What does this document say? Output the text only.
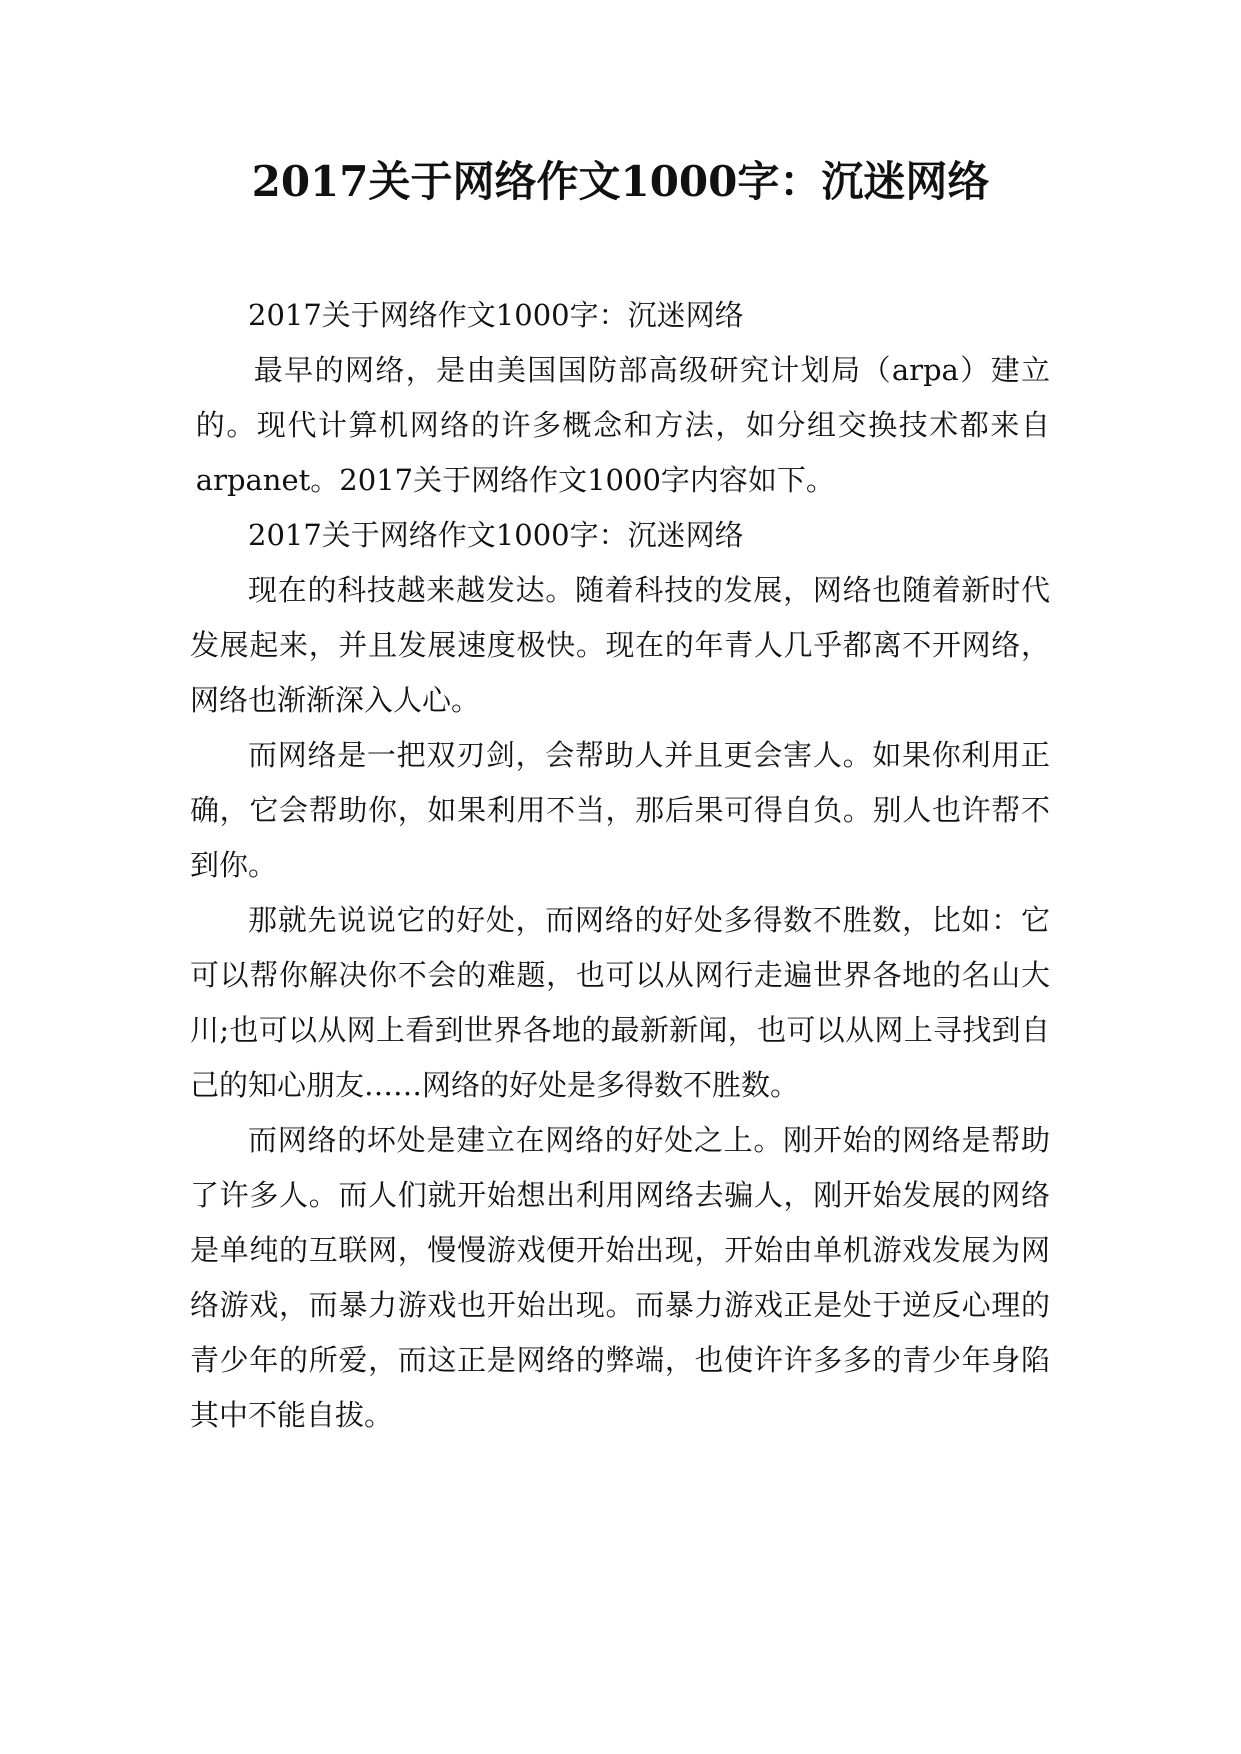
2017关于网络作文1000字：沉迷网络

2017关于网络作文1000字：沉迷网络

最早的网络，是由美国国防部高级研究计划局（arpa）建立的。现代计算机网络的许多概念和方法，如分组交换技术都来自arpanet。2017关于网络作文1000字内容如下。

2017关于网络作文1000字：沉迷网络

现在的科技越来越发达。随着科技的发展，网络也随着新时代发展起来，并且发展速度极快。现在的年青人几乎都离不开网络，网络也渐渐深入人心。

而网络是一把双刃剑，会帮助人并且更会害人。如果你利用正确，它会帮助你，如果利用不当，那后果可得自负。别人也许帮不到你。

那就先说说它的好处，而网络的好处多得数不胜数，比如：它可以帮你解决你不会的难题，也可以从网行走遍世界各地的名山大川;也可以从网上看到世界各地的最新新闻，也可以从网上寻找到自己的知心朋友……网络的好处是多得数不胜数。

而网络的坏处是建立在网络的好处之上。刚开始的网络是帮助了许多人。而人们就开始想出利用网络去骗人，刚开始发展的网络是单纯的互联网，慢慢游戏便开始出现，开始由单机游戏发展为网络游戏，而暴力游戏也开始出现。而暴力游戏正是处于逆反心理的青少年的所爱，而这正是网络的弊端，也使许许多多的青少年身陷其中不能自拔。
